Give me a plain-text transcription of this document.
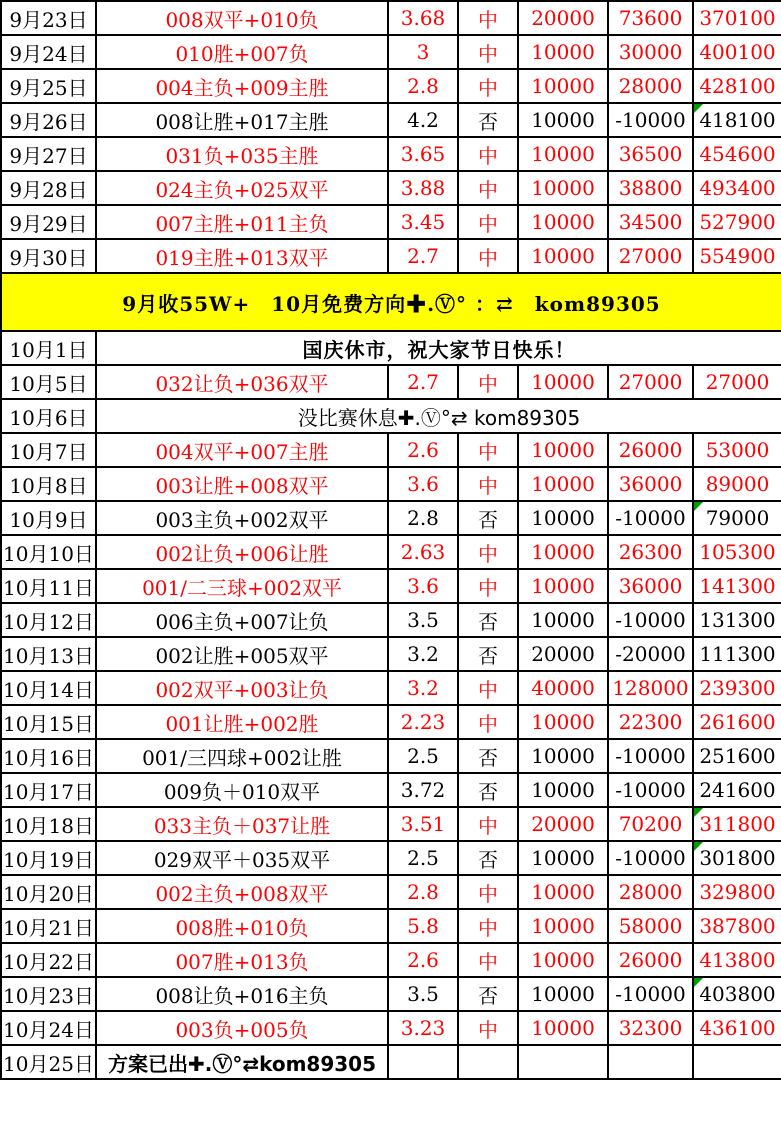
9月23日	008双平+010负	3.68	中	20000	73600	370100
9月24日	010胜+007负	3	中	10000	30000	400100
9月25日	004主负+009主胜	2.8	中	10000	28000	428100
9月26日	008让胜+017主胜	4.2	否	10000	-10000	418100

9月27日	031负+035主胜	3.65	中	10000	36500	454600
9月28日	024主负+025双平	3.88	中	10000	38800	493400
9月29日	007主胜+011主负	3.45	中	10000	34500	527900
9月30日	019主胜+013双平	2.7	中	10000	27000	554900
9月收55W+　10月免费方向✚.Ⓥ° ：⇄　kom89305						
10月1日	国庆休市，祝大家节日快乐！					
10月5日	032让负+036双平	2.7	中	10000	27000	27000
10月6日	没比赛休息✚.Ⓥ°⇄ kom89305					
10月7日	004双平+007主胜	2.6	中	10000	26000	53000
10月8日	003让胜+008双平	3.6	中	10000	36000	89000
10月9日	003主负+002双平	2.8	否	10000	-10000	79000

10月10日	002让负+006让胜	2.63	中	10000	26300	105300
10月11日	001/二三球+002双平	3.6	中	10000	36000	141300
10月12日	006主负+007让负	3.5	否	10000	-10000	131300
10月13日	002让胜+005双平	3.2	否	20000	-20000	111300
10月14日	002双平+003让负	3.2	中	40000	128000	239300
10月15日	001让胜+002胜	2.23	中	10000	22300	261600
10月16日	001/三四球+002让胜	2.5	否	10000	-10000	251600
10月17日	009负＋010双平	3.72	否	10000	-10000	241600
10月18日	033主负＋037让胜	3.51	中	20000	70200	311800

10月19日	029双平＋035双平	2.5	否	10000	-10000	301800

10月20日	002主负+008双平	2.8	中	10000	28000	329800
10月21日	008胜+010负	5.8	中	10000	58000	387800
10月22日	007胜+013负	2.6	中	10000	26000	413800
10月23日	008让负+016主负	3.5	否	10000	-10000	403800

10月24日	003负+005负	3.23	中	10000	32300	436100
10月25日	方案已出✚.Ⓥ°⇄kom89305					
